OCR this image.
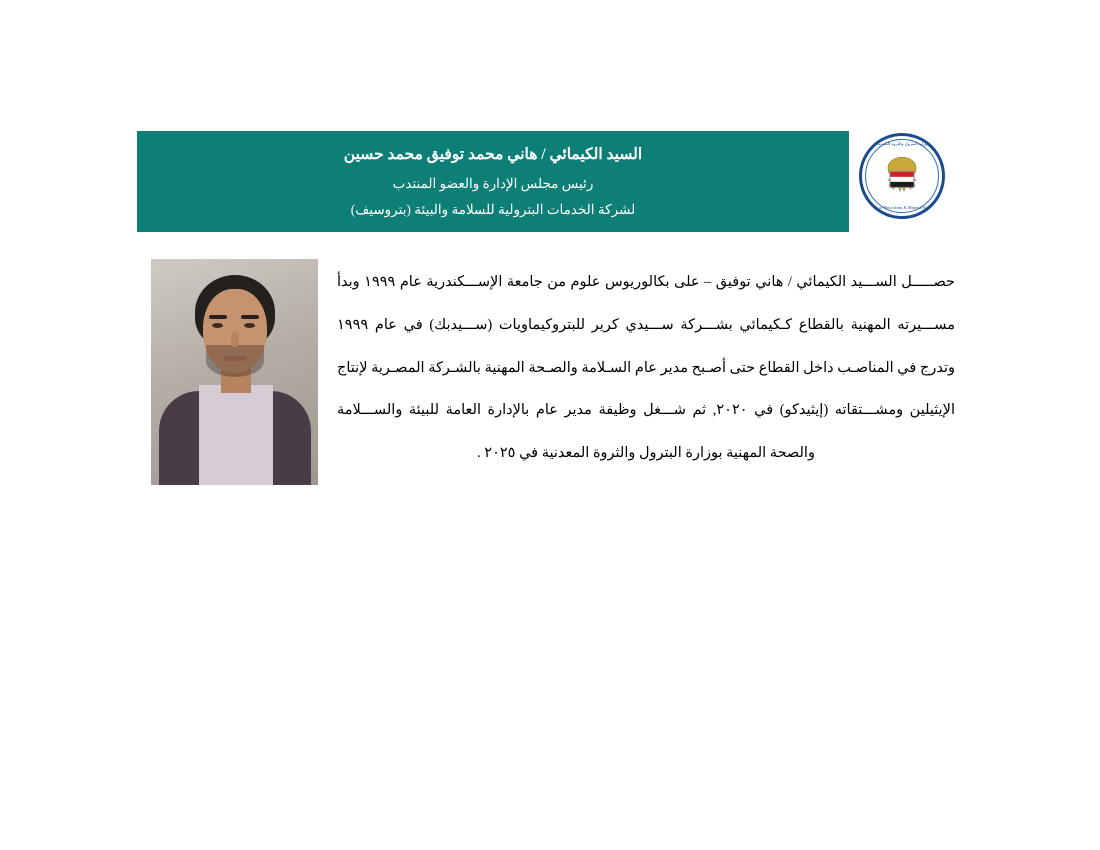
السيد الكيمائي / هاني محمد توفيق محمد حسين
رئيس مجلس الإدارة والعضو المنتدب
لشركة الخدمات البترولية للسلامة والبيئة (بتروسيف)
وزارة البترول والثروة المعدنية
Ministry of Petroleum & Mineral Resources
حصـــــل الســـيد الكيمائي / هاني توفيق – على بكالوريوس علوم من جامعة الإســـكندرية عام ١٩٩٩ وبدأ مســـيرته المهنية بالقطاع كـكيمائي بشـــركة ســـيدي كرير للبتروكيماويات (ســـيدبك) في عام ١٩٩٩ وتدرج في المناصـب داخل القطاع حتى أصـبح مدير عام السـلامة والصـحة المهنية بالشـركة المصـرية لإنتاج الإيثيلين ومشـــتقاته (إيثيدكو) في ٢٠٢٠, ثم شـــغل وظيفة مدير عام بالإدارة العامة للبيئة والســـلامة والصحة المهنية بوزارة البترول والثروة المعدنية في ٢٠٢٥ .
